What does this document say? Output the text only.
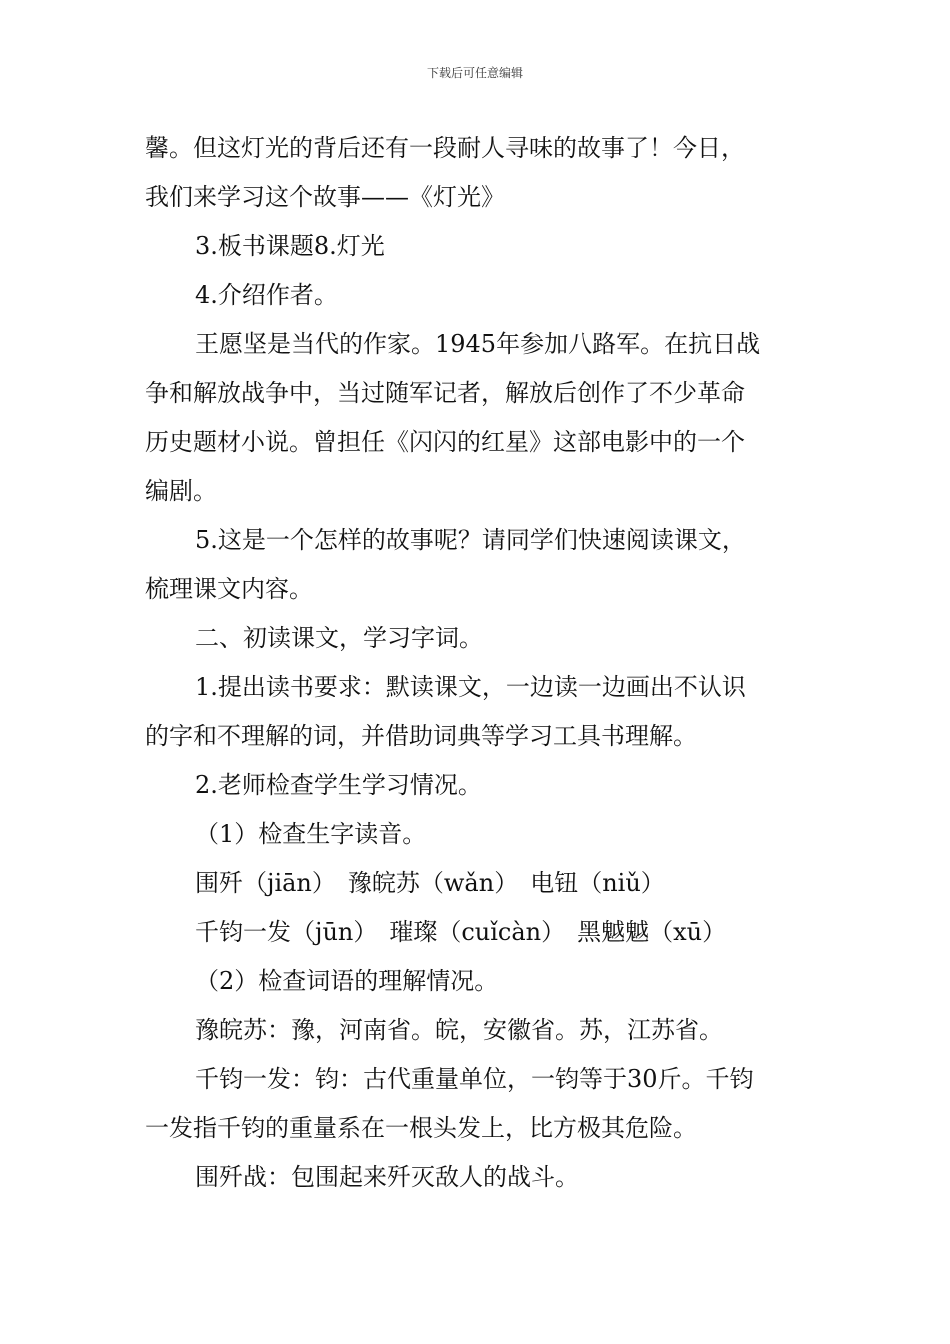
下载后可任意编辑

馨。但这灯光的背后还有一段耐人寻味的故事了！今日，

我们来学习这个故事——《灯光》

3.板书课题8.灯光

4.介绍作者。

王愿坚是当代的作家。1945年参加八路军。在抗日战

争和解放战争中，当过随军记者，解放后创作了不少革命

历史题材小说。曾担任《闪闪的红星》这部电影中的一个

编剧。

5.这是一个怎样的故事呢？请同学们快速阅读课文，

梳理课文内容。

二、初读课文，学习字词。

1.提出读书要求：默读课文，一边读一边画出不认识

的字和不理解的词，并借助词典等学习工具书理解。

2.老师检查学生学习情况。

（1）检查生字读音。

围歼（jiān）　豫皖苏（wǎn）　电钮（niǔ）

千钧一发（jūn）　璀璨（cuǐcàn）　黑魆魆（xū）

（2）检查词语的理解情况。

豫皖苏：豫，河南省。皖，安徽省。苏，江苏省。

千钧一发：钧：古代重量单位，一钧等于30斤。千钧

一发指千钧的重量系在一根头发上，比方极其危险。

围歼战：包围起来歼灭敌人的战斗。
